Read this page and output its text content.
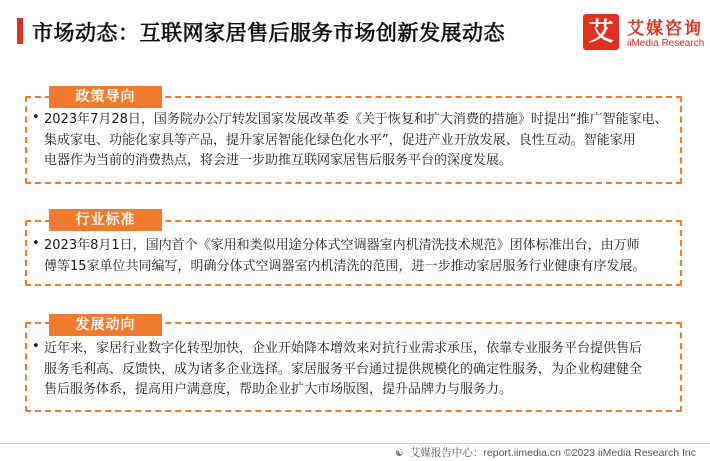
市场动态：互联网家居售后服务市场创新发展动态	艾 艾媒咨询
iiMedia Research
政策导向
• 2023年7月28日，国务院办公厅转发国家发展改革委《关于恢复和扩大消费的措施》时提出“推广智能家电、
集成家电、功能化家具等产品，提升家居智能化绿色化水平”，促进产业开放发展、良性互动。智能家用
电器作为当前的消费热点，将会进一步助推互联网家居售后服务平台的深度发展。
行业标准
• 2023年8月1日，国内首个《家用和类似用途分体式空调器室内机清洗技术规范》团体标准出台，由万师
傅等15家单位共同编写，明确分体式空调器室内机清洗的范围，进一步推动家居服务行业健康有序发展。
发展动向
• 近年来，家居行业数字化转型加快，企业开始降本增效来对抗行业需求承压，依靠专业服务平台提供售后
服务毛利高、反馈快，成为诸多企业选择。家居服务平台通过提供规模化的确定性服务，为企业构建健全
售后服务体系，提高用户满意度，帮助企业扩大市场版图，提升品牌力与服务力。
☯ 艾媒报告中心：report.iimedia.cn ©2023 iiMedia Research Inc
